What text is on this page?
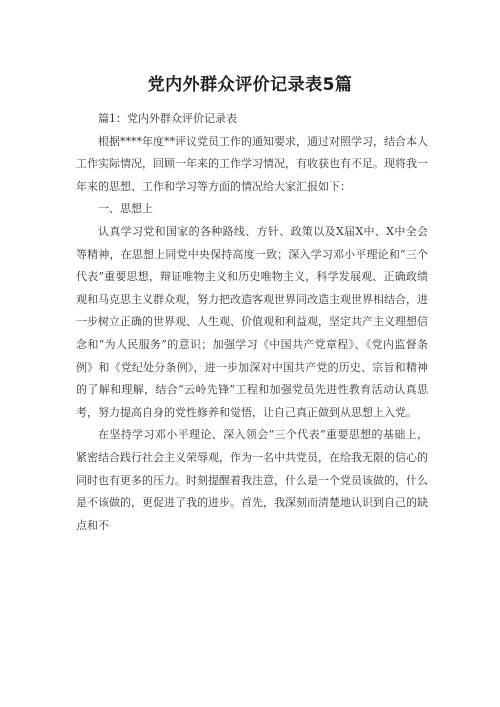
党内外群众评价记录表5篇

篇1：党内外群众评价记录表

根据****年度**评议党员工作的通知要求，通过对照学习，结合本人工作实际情况，回顾一年来的工作学习情况，有收获也有不足。现将我一年来的思想、工作和学习等方面的情况给大家汇报如下：

一、思想上

认真学习党和国家的各种路线、方针、政策以及X届X中、X中全会等精神，在思想上同党中央保持高度一致；深入学习邓小平理论和“三个代表”重要思想，辩证唯物主义和历史唯物主义，科学发展观、正确政绩观和马克思主义群众观，努力把改造客观世界同改造主观世界相结合，进一步树立正确的世界观、人生观、价值观和利益观，坚定共产主义理想信念和“为人民服务”的意识；加强学习《中国共产党章程》、《党内监督条例》和《党纪处分条例》，进一步加深对中国共产党的历史、宗旨和精神的了解和理解，结合“云岭先锋”工程和加强党员先进性教育活动认真思考，努力提高自身的党性修养和觉悟，让自己真正做到从思想上入党。

在坚持学习邓小平理论、深入领会“三个代表”重要思想的基础上，紧密结合践行社会主义荣辱观，作为一名中共党员，在给我无限的信心的同时也有更多的压力。时刻提醒着我注意，什么是一个党员该做的，什么是不该做的，更促进了我的进步。首先，我深刻而清楚地认识到自己的缺点和不
